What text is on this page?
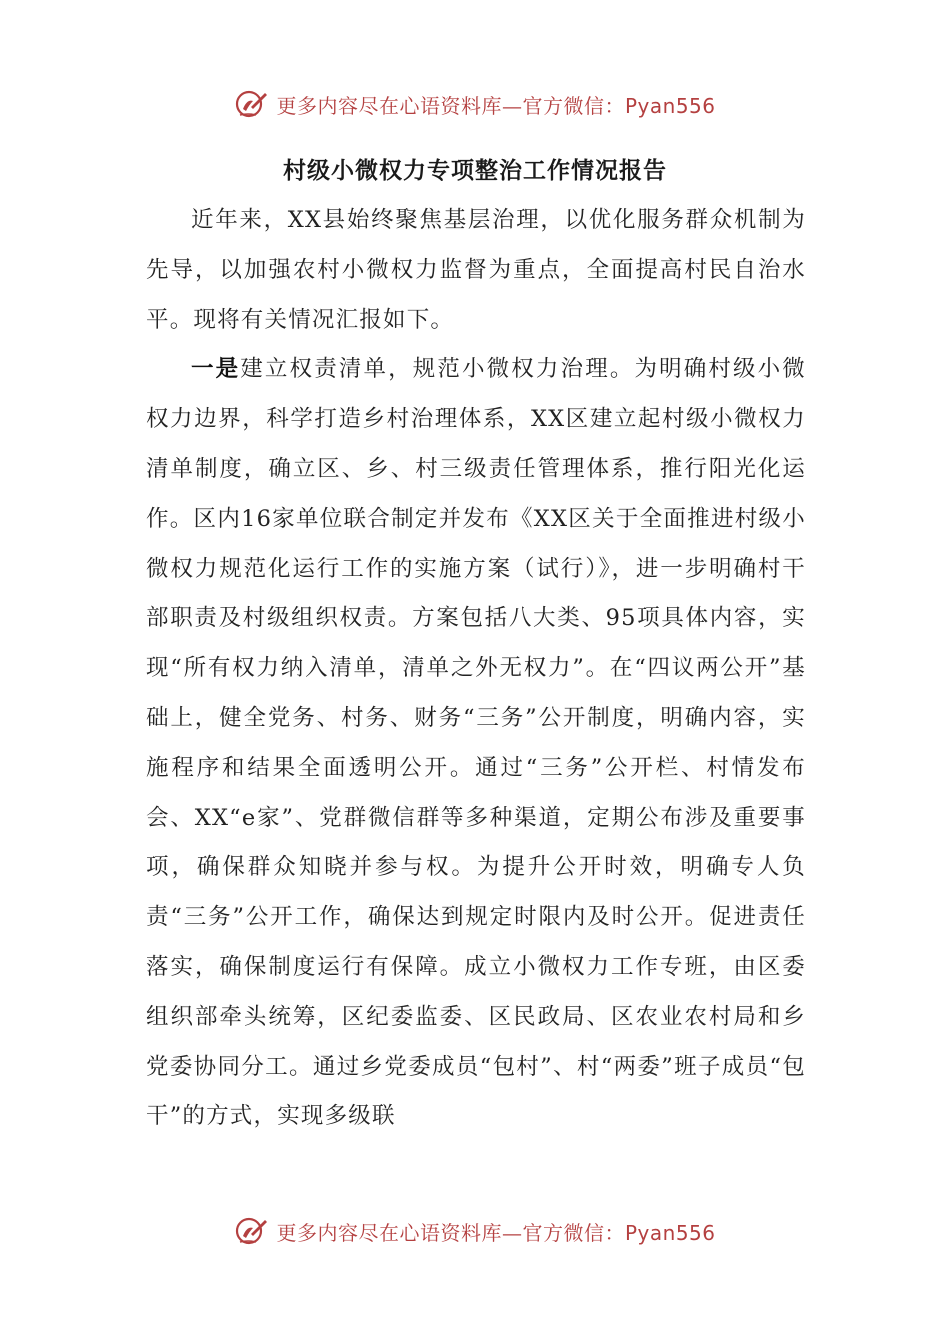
更多内容尽在心语资料库—官方微信：Pyan556
村级小微权力专项整治工作情况报告

近年来，XX县始终聚焦基层治理，以优化服务群众机制为先导，以加强农村小微权力监督为重点，全面提高村民自治水平。现将有关情况汇报如下。

一是建立权责清单，规范小微权力治理。为明确村级小微权力边界，科学打造乡村治理体系，XX区建立起村级小微权力清单制度，确立区、乡、村三级责任管理体系，推行阳光化运作。区内16家单位联合制定并发布《XX区关于全面推进村级小微权力规范化运行工作的实施方案（试行）》，进一步明确村干部职责及村级组织权责。方案包括八大类、95项具体内容，实现“所有权力纳入清单，清单之外无权力”。在“四议两公开”基础上，健全党务、村务、财务“三务”公开制度，明确内容，实施程序和结果全面透明公开。通过“三务”公开栏、村情发布会、XX“e家”、党群微信群等多种渠道，定期公布涉及重要事项，确保群众知晓并参与权。为提升公开时效，明确专人负责“三务”公开工作，确保达到规定时限内及时公开。促进责任落实，确保制度运行有保障。成立小微权力工作专班，由区委组织部牵头统筹，区纪委监委、区民政局、区农业农村局和乡党委协同分工。通过乡党委成员“包村”、村“两委”班子成员“包干”的方式，实现多级联

更多内容尽在心语资料库—官方微信：Pyan556
